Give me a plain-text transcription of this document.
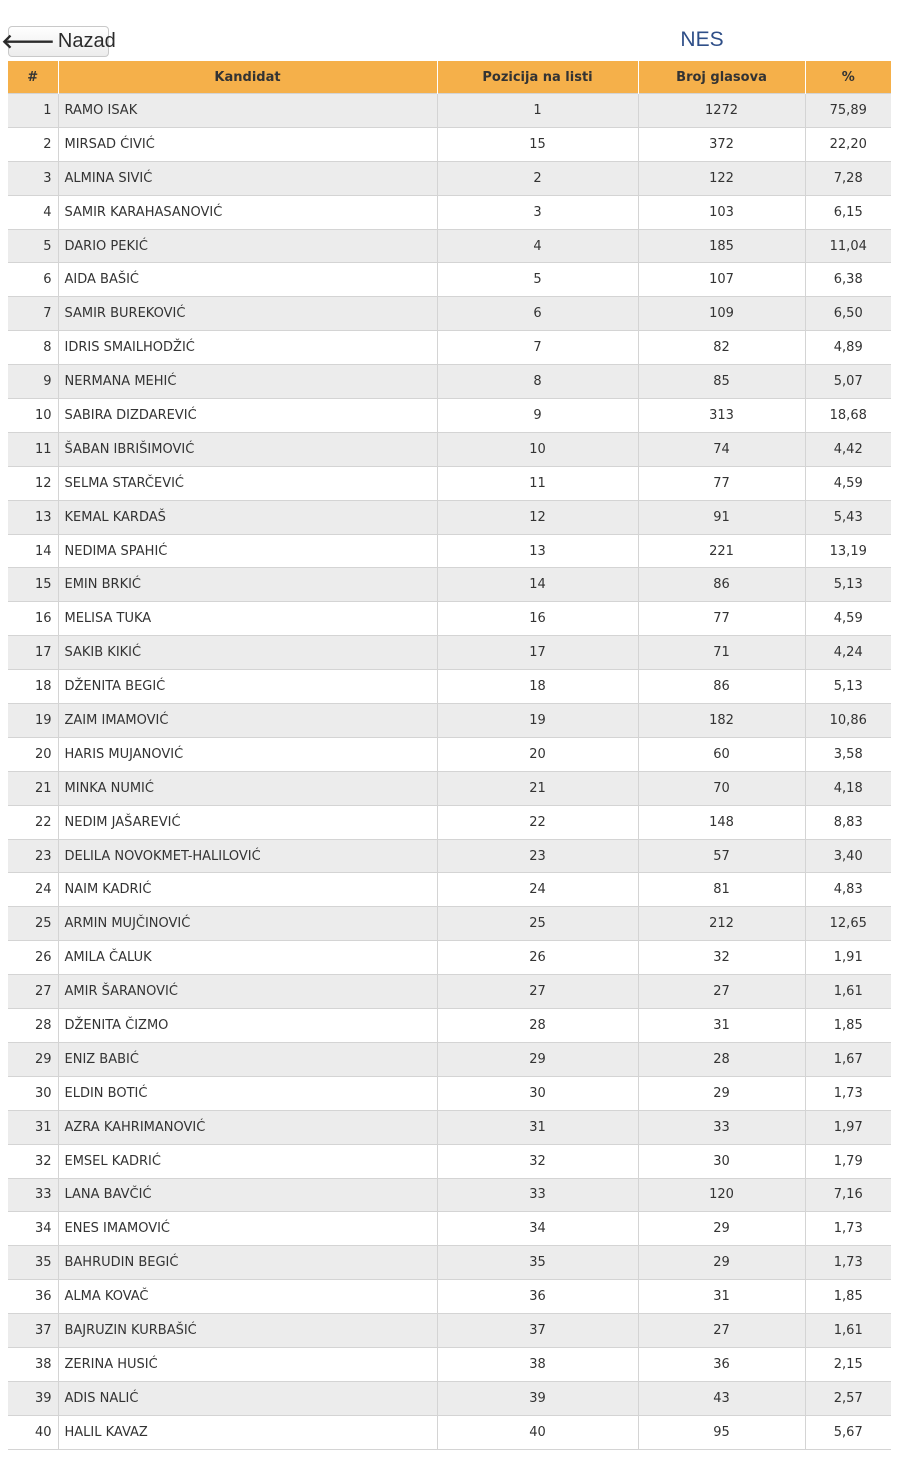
🡐 Nazad	NES
#	Kandidat	Pozicija na listi	Broj glasova	%
1	RAMO ISAK	1	1272	75,89
2	MIRSAD ĆIVIĆ	15	372	22,20
3	ALMINA SIVIĆ	2	122	7,28
4	SAMIR KARAHASANOVIĆ	3	103	6,15
5	DARIO PEKIĆ	4	185	11,04
6	AIDA BAŠIĆ	5	107	6,38
7	SAMIR BUREKOVIĆ	6	109	6,50
8	IDRIS SMAILHODŽIĆ	7	82	4,89
9	NERMANA MEHIĆ	8	85	5,07
10	SABIRA DIZDAREVIĆ	9	313	18,68
11	ŠABAN IBRIŠIMOVIĆ	10	74	4,42
12	SELMA STARČEVIĆ	11	77	4,59
13	KEMAL KARDAŠ	12	91	5,43
14	NEDIMA SPAHIĆ	13	221	13,19
15	EMIN BRKIĆ	14	86	5,13
16	MELISA TUKA	16	77	4,59
17	SAKIB KIKIĆ	17	71	4,24
18	DŽENITA BEGIĆ	18	86	5,13
19	ZAIM IMAMOVIĆ	19	182	10,86
20	HARIS MUJANOVIĆ	20	60	3,58
21	MINKA NUMIĆ	21	70	4,18
22	NEDIM JAŠAREVIĆ	22	148	8,83
23	DELILA NOVOKMET-HALILOVIĆ	23	57	3,40
24	NAIM KADRIĆ	24	81	4,83
25	ARMIN MUJČINOVIĆ	25	212	12,65
26	AMILA ČALUK	26	32	1,91
27	AMIR ŠARANOVIĆ	27	27	1,61
28	DŽENITA ČIZMO	28	31	1,85
29	ENIZ BABIĆ	29	28	1,67
30	ELDIN BOTIĆ	30	29	1,73
31	AZRA KAHRIMANOVIĆ	31	33	1,97
32	EMSEL KADRIĆ	32	30	1,79
33	LANA BAVČIĆ	33	120	7,16
34	ENES IMAMOVIĆ	34	29	1,73
35	BAHRUDIN BEGIĆ	35	29	1,73
36	ALMA KOVAČ	36	31	1,85
37	BAJRUZIN KURBAŠIĆ	37	27	1,61
38	ZERINA HUSIĆ	38	36	2,15
39	ADIS NALIĆ	39	43	2,57
40	HALIL KAVAZ	40	95	5,67
